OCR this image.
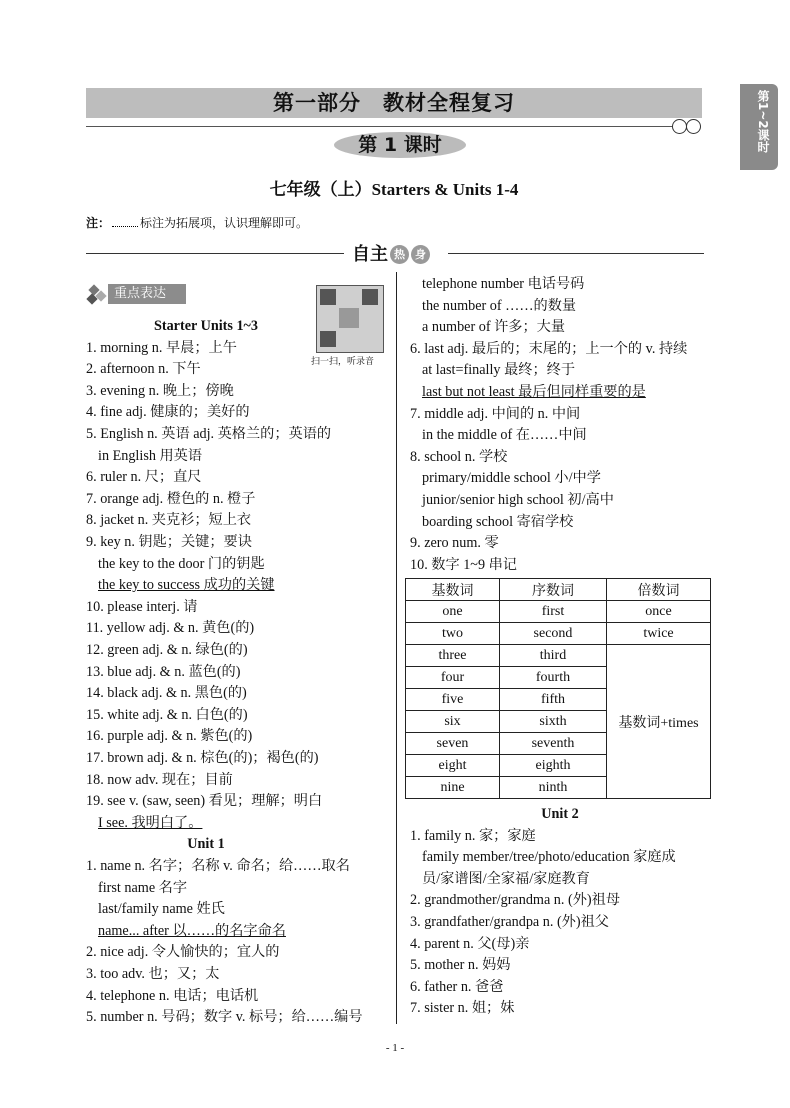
第一部分　教材全程复习
第 1 课时
七年级（上）Starters & Units 1-4
注：	标注为拓展项，认识理解即可。
第1~2课时
自主 热 身
重点表达
扫一扫，听录音
Starter Units 1~3
1. morning n. 早晨；上午
2. afternoon n. 下午
3. evening n. 晚上；傍晚
4. fine adj. 健康的；美好的
5. English n. 英语 adj. 英格兰的；英语的
in English 用英语
6. ruler n. 尺；直尺
7. orange adj. 橙色的 n. 橙子
8. jacket n. 夹克衫；短上衣
9. key n. 钥匙；关键；要诀
the key to the door 门的钥匙
the key to success 成功的关键
10. please interj. 请
11. yellow adj. & n. 黄色(的)
12. green adj. & n. 绿色(的)
13. blue adj. & n. 蓝色(的)
14. black adj. & n. 黑色(的)
15. white adj. & n. 白色(的)
16. purple adj. & n. 紫色(的)
17. brown adj. & n. 棕色(的)；褐色(的)
18. now adv. 现在；目前
19. see v. (saw, seen) 看见；理解；明白
I see. 我明白了。
Unit 1
1. name n. 名字；名称 v. 命名；给……取名
first name 名字
last/family name 姓氏
name... after 以……的名字命名
2. nice adj. 令人愉快的；宜人的
3. too adv. 也；又；太
4. telephone n. 电话；电话机
5. number n. 号码；数字 v. 标号；给……编号
telephone number 电话号码
the number of ……的数量
a number of 许多；大量
6. last adj. 最后的；末尾的；上一个的 v. 持续
at last=finally 最终；终于
last but not least 最后但同样重要的是
7. middle adj. 中间的 n. 中间
in the middle of 在……中间
8. school n. 学校
primary/middle school 小/中学
junior/senior high school 初/高中
boarding school 寄宿学校
9. zero num. 零
10. 数字 1~9 串记
基数词	序数词	倍数词
one	first	once
two	second	twice
three	third	基数词+times
four	fourth	
five	fifth	
six	sixth	
seven	seventh	
eight	eighth	
nine	ninth	
Unit 2
1. family n. 家；家庭
family member/tree/photo/education 家庭成
员/家谱图/全家福/家庭教育
2. grandmother/grandma n. (外)祖母
3. grandfather/grandpa n. (外)祖父
4. parent n. 父(母)亲
5. mother n. 妈妈
6. father n. 爸爸
7. sister n. 姐；妹
- 1 -
